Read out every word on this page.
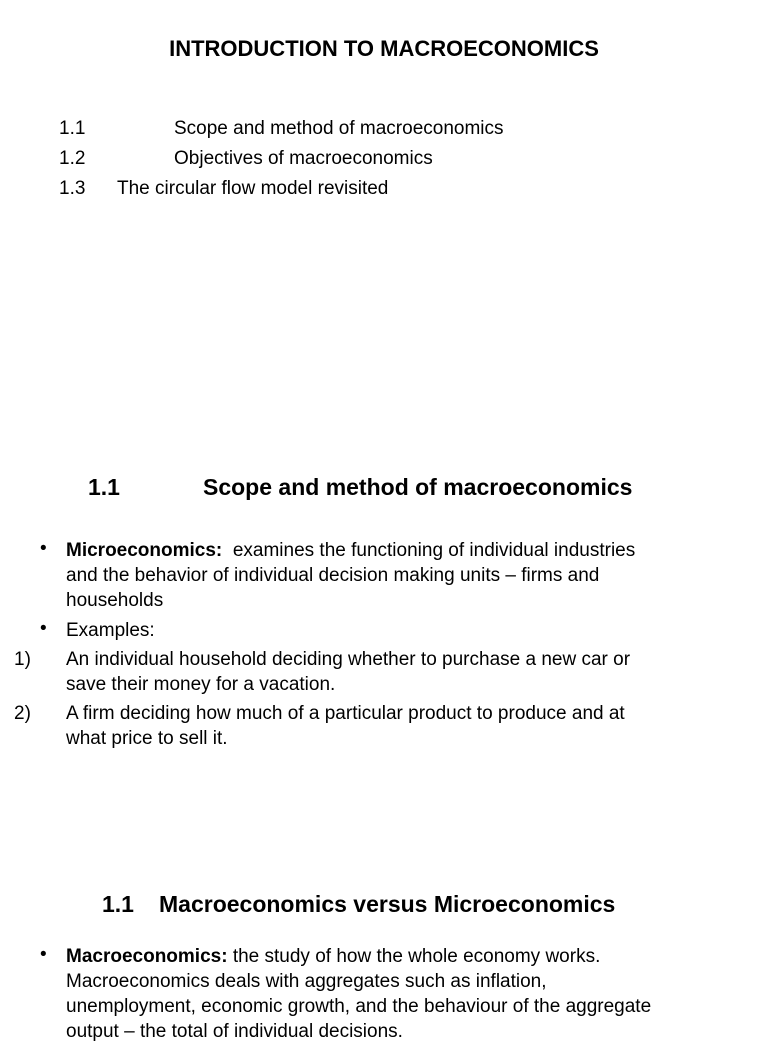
INTRODUCTION TO MACROECONOMICS
1.1	Scope and method of macroeconomics
1.2	Objectives of macroeconomics
1.3 The circular flow model revisited
1.1	Scope and method of macroeconomics
• Microeconomics:  examines the functioning of individual industries
and the behavior of individual decision making units – firms and
households
• Examples:
1) An individual household deciding whether to purchase a new car or
save their money for a vacation.
2) A firm deciding how much of a particular product to produce and at
what price to sell it.
1.1 Macroeconomics versus Microeconomics
• Macroeconomics: the study of how the whole economy works.
Macroeconomics deals with aggregates such as inflation,
unemployment, economic growth, and the behaviour of the aggregate
output – the total of individual decisions.
